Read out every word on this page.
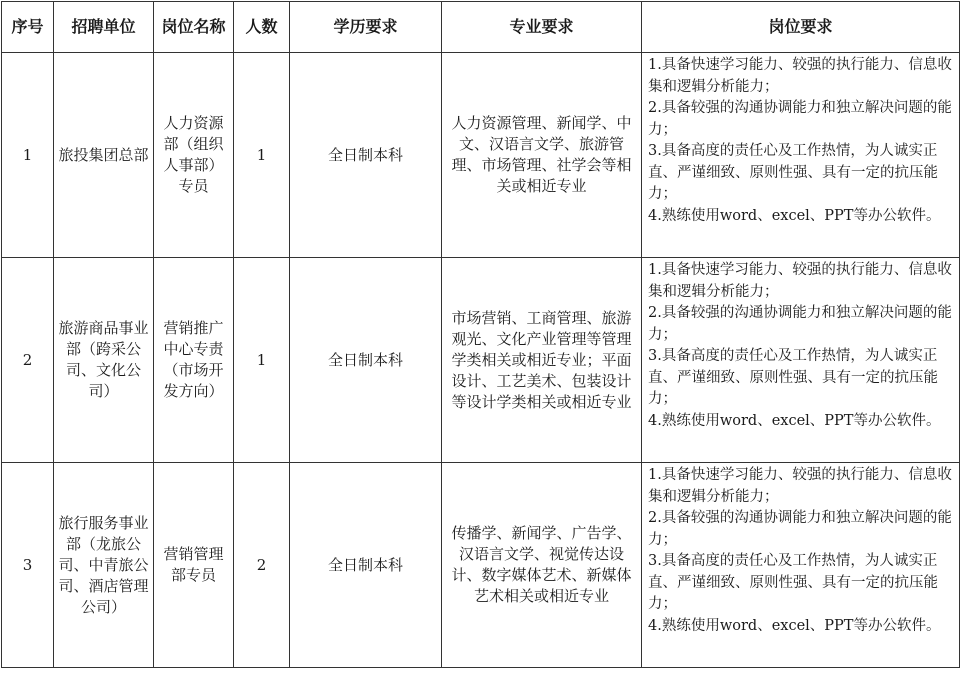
序号	招聘单位	岗位名称	人数	学历要求	专业要求	岗位要求
1	旅投集团总部	人力资源部（组织人事部）专员	1	全日制本科	人力资源管理、新闻学、中文、汉语言文学、旅游管理、市场管理、社学会等相关或相近专业	1.具备快速学习能力、较强的执行能力、信息收集和逻辑分析能力；
2.具备较强的沟通协调能力和独立解决问题的能力；
3.具备高度的责任心及工作热情，为人诚实正直、严谨细致、原则性强、具有一定的抗压能力；
4.熟练使用word、excel、PPT等办公软件。

2	旅游商品事业部（跨采公司、文化公司）	营销推广中心专责（市场开发方向）	1	全日制本科	市场营销、工商管理、旅游观光、文化产业管理等管理学类相关或相近专业；平面设计、工艺美术、包装设计等设计学类相关或相近专业	1.具备快速学习能力、较强的执行能力、信息收集和逻辑分析能力；
2.具备较强的沟通协调能力和独立解决问题的能力；
3.具备高度的责任心及工作热情，为人诚实正直、严谨细致、原则性强、具有一定的抗压能力；
4.熟练使用word、excel、PPT等办公软件。

3	旅行服务事业部（龙旅公司、中青旅公司、酒店管理公司）	营销管理部专员	2	全日制本科	传播学、新闻学、广告学、汉语言文学、视觉传达设计、数字媒体艺术、新媒体艺术相关或相近专业	1.具备快速学习能力、较强的执行能力、信息收集和逻辑分析能力；
2.具备较强的沟通协调能力和独立解决问题的能力；
3.具备高度的责任心及工作热情，为人诚实正直、严谨细致、原则性强、具有一定的抗压能力；
4.熟练使用word、excel、PPT等办公软件。
